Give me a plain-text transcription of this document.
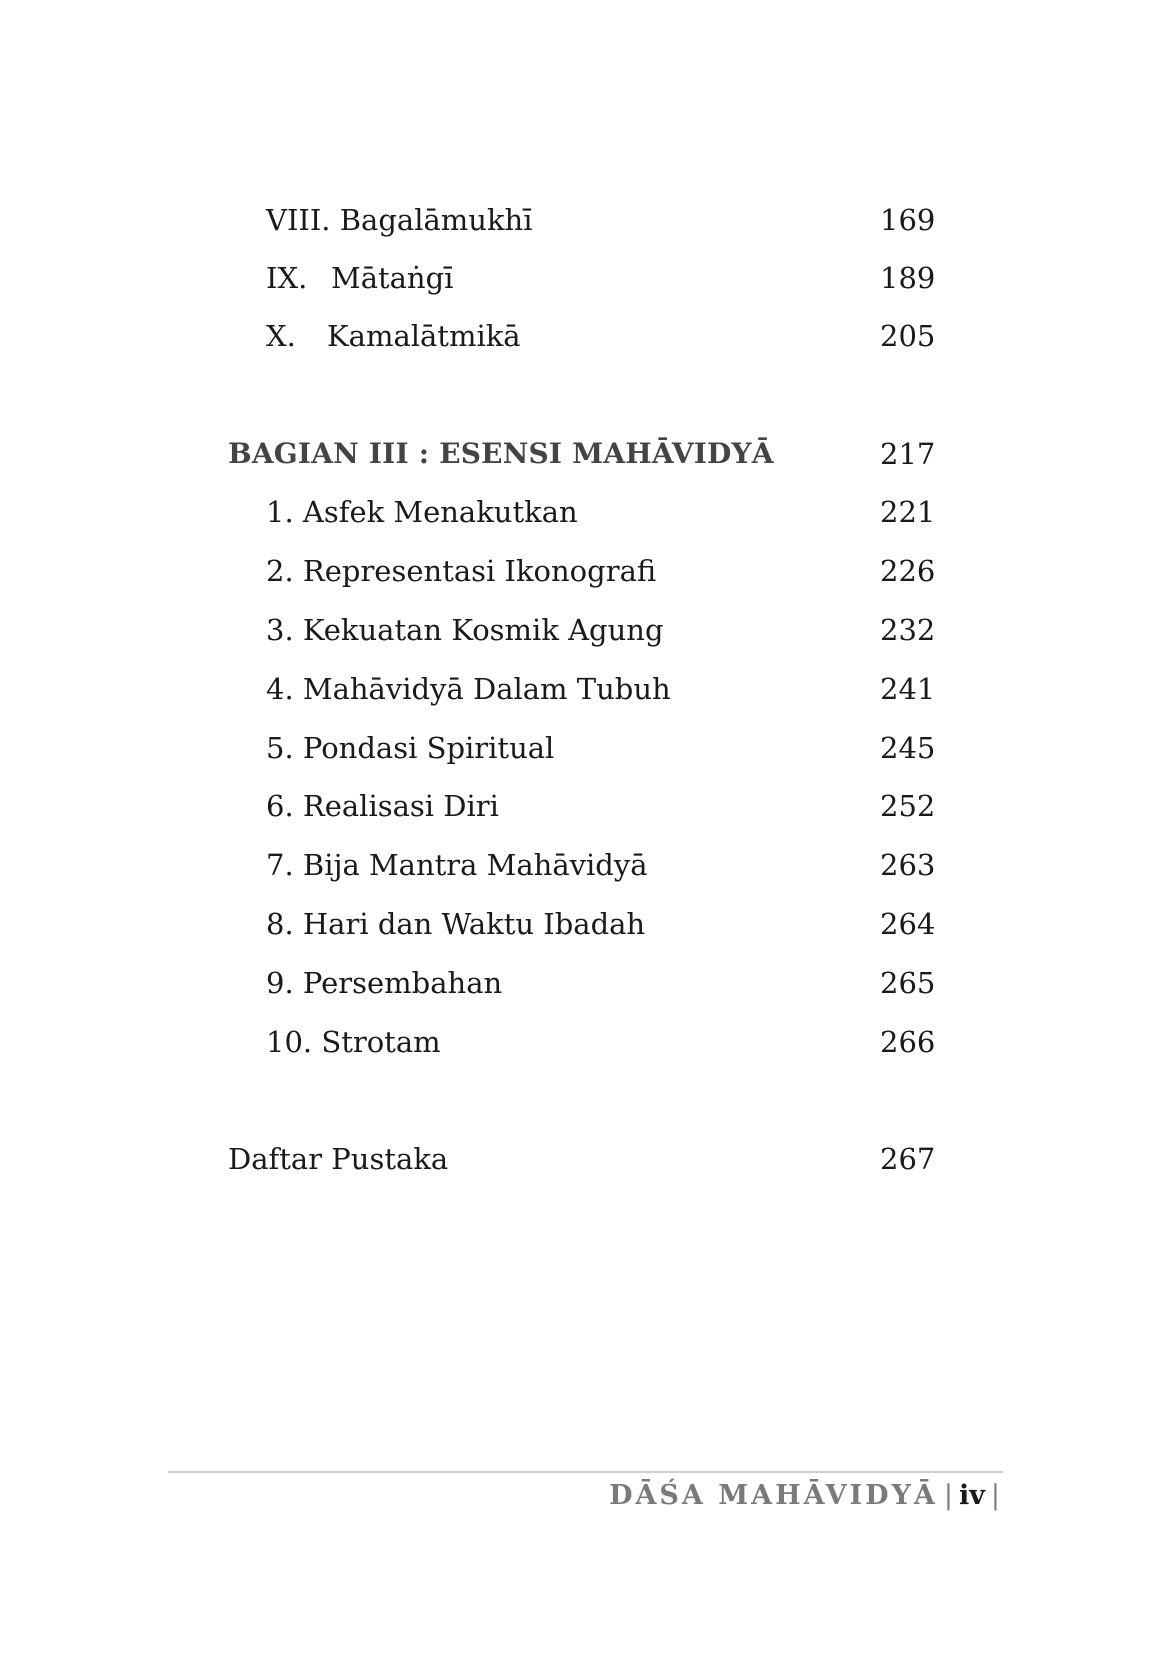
VIII. Bagalāmukhī	169
IX. Mātaṅgī	189
X. Kamalātmikā	205
BAGIAN III : ESENSI MAHĀVIDYĀ	217
1. Asfek Menakutkan	221
2. Representasi Ikonografi	226
3. Kekuatan Kosmik Agung	232
4. Mahāvidyā Dalam Tubuh	241
5. Pondasi Spiritual	245
6. Realisasi Diri	252
7. Bija Mantra Mahāvidyā	263
8. Hari dan Waktu Ibadah	264
9. Persembahan	265
10. Strotam	266
Daftar Pustaka	267
DĀŚA MAHĀVIDYĀ | iv |
